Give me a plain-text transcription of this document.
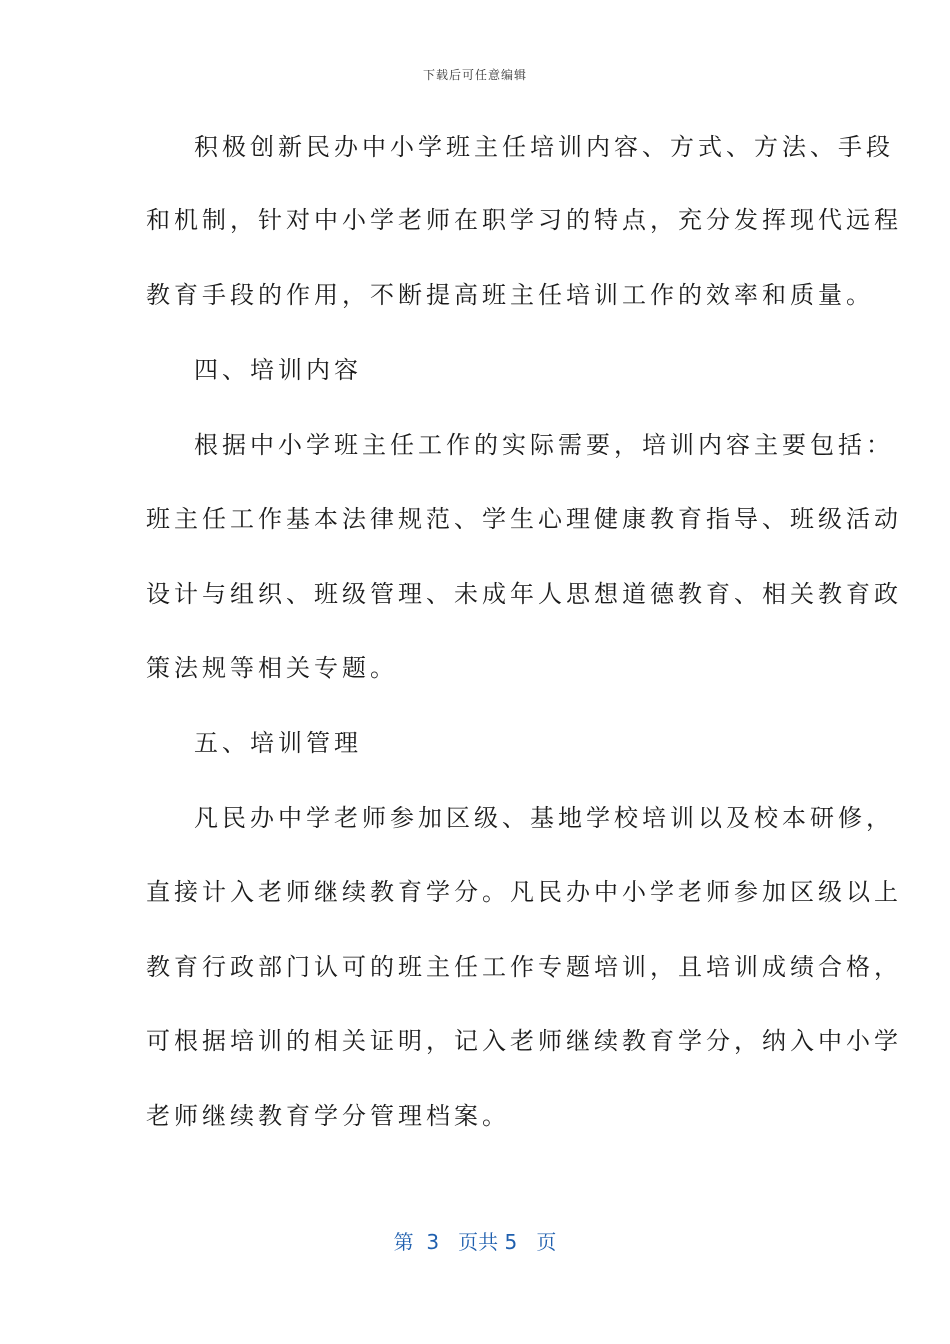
下载后可任意编辑
积极创新民办中小学班主任培训内容、方式、方法、手段
和机制，针对中小学老师在职学习的特点，充分发挥现代远程
教育手段的作用，不断提高班主任培训工作的效率和质量。
四、培训内容
根据中小学班主任工作的实际需要，培训内容主要包括：
班主任工作基本法律规范、学生心理健康教育指导、班级活动
设计与组织、班级管理、未成年人思想道德教育、相关教育政
策法规等相关专题。
五、培训管理
凡民办中学老师参加区级、基地学校培训以及校本研修，
直接计入老师继续教育学分。凡民办中小学老师参加区级以上
教育行政部门认可的班主任工作专题培训，且培训成绩合格，
可根据培训的相关证明，记入老师继续教育学分，纳入中小学
老师继续教育学分管理档案。
第  3   页共 5   页
